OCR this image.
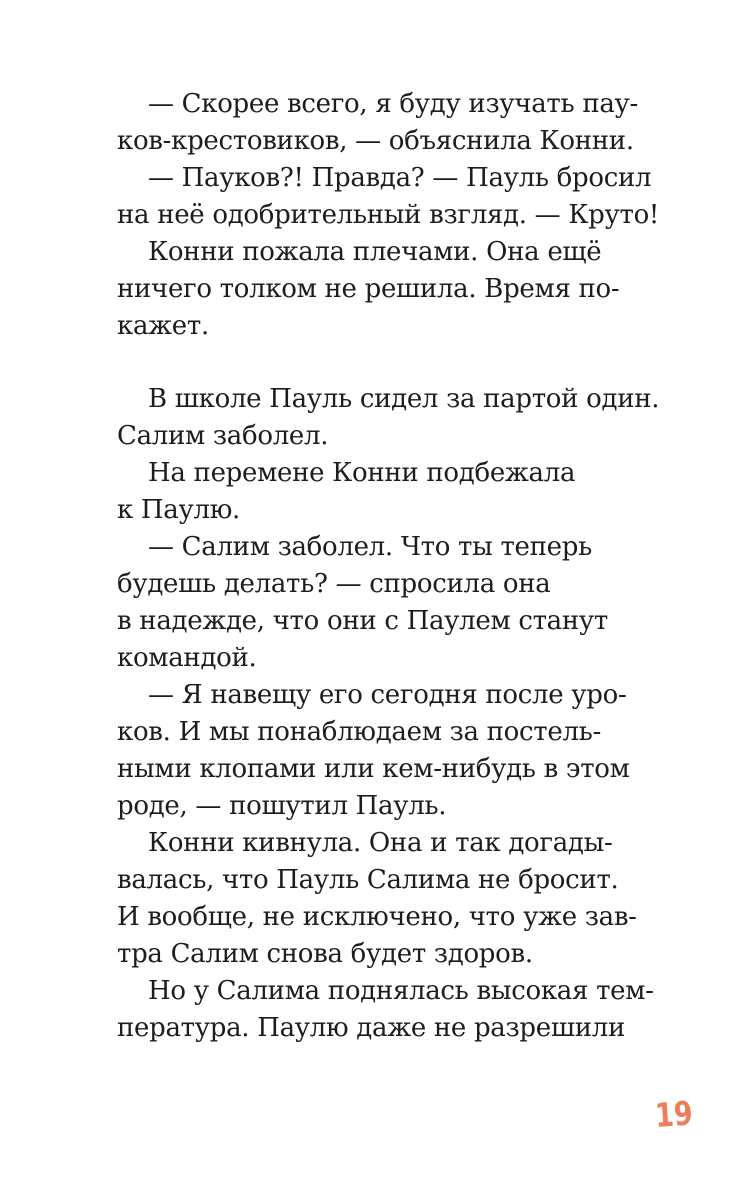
— Скорее всего, я буду изучать пау-
ков-крестовиков, — объяснила Конни.

— Пауков?! Правда? — Пауль бросил
на неё одобрительный взгляд. — Круто!

Конни пожала плечами. Она ещё
ничего толком не решила. Время по-
кажет.

В школе Пауль сидел за партой один.
Салим заболел.

На перемене Конни подбежала
к Паулю.

— Салим заболел. Что ты теперь
будешь делать? — спросила она
в надежде, что они с Паулем станут
командой.

— Я навещу его сегодня после уро-
ков. И мы понаблюдаем за постель-
ными клопами или кем-нибудь в этом
роде, — пошутил Пауль.

Конни кивнула. Она и так догады-
валась, что Пауль Салима не бросит.
И вообще, не исключено, что уже зав-
тра Салим снова будет здоров.

Но у Салима поднялась высокая тем-
пература. Паулю даже не разрешили

19
